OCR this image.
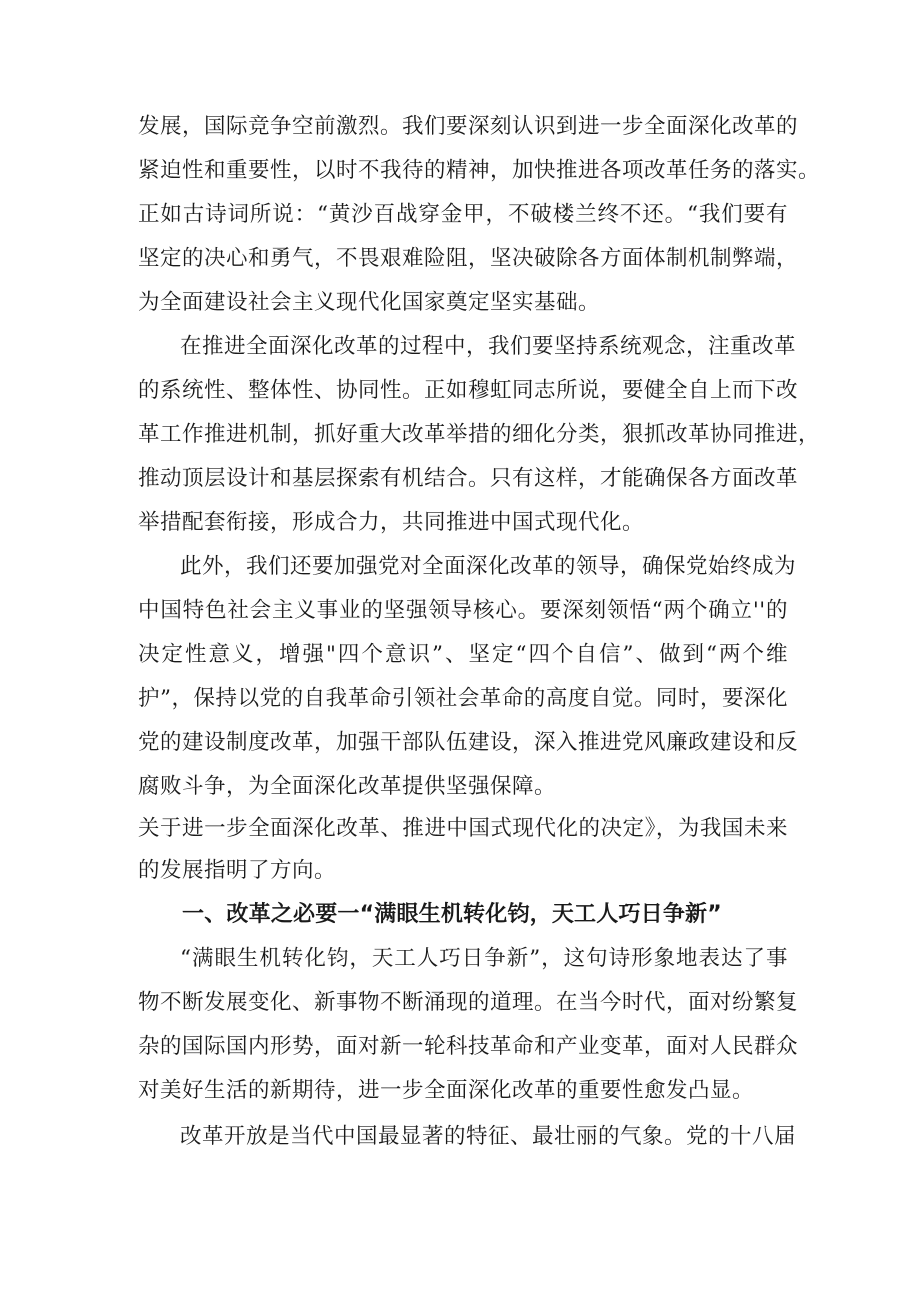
发展，国际竞争空前激烈。我们要深刻认识到进一步全面深化改革的
紧迫性和重要性，以时不我待的精神，加快推进各项改革任务的落实。
正如古诗词所说：“黄沙百战穿金甲，不破楼兰终不还。“我们要有
坚定的决心和勇气，不畏艰难险阻，坚决破除各方面体制机制弊端，
为全面建设社会主义现代化国家奠定坚实基础。
在推进全面深化改革的过程中，我们要坚持系统观念，注重改革
的系统性、整体性、协同性。正如穆虹同志所说，要健全自上而下改
革工作推进机制，抓好重大改革举措的细化分类，狠抓改革协同推进，
推动顶层设计和基层探索有机结合。只有这样，才能确保各方面改革
举措配套衔接，形成合力，共同推进中国式现代化。
此外，我们还要加强党对全面深化改革的领导，确保党始终成为
中国特色社会主义事业的坚强领导核心。要深刻领悟“两个确立''的
决定性意义，增强"四个意识”、坚定“四个自信”、做到“两个维
护”，保持以党的自我革命引领社会革命的高度自觉。同时，要深化
党的建设制度改革，加强干部队伍建设，深入推进党风廉政建设和反
腐败斗争，为全面深化改革提供坚强保障。
关于进一步全面深化改革、推进中国式现代化的决定》，为我国未来
的发展指明了方向。
一、改革之必要一“满眼生机转化钧，天工人巧日争新”
“满眼生机转化钧，天工人巧日争新”，这句诗形象地表达了事
物不断发展变化、新事物不断涌现的道理。在当今时代，面对纷繁复
杂的国际国内形势，面对新一轮科技革命和产业变革，面对人民群众
对美好生活的新期待，进一步全面深化改革的重要性愈发凸显。
改革开放是当代中国最显著的特征、最壮丽的气象。党的十八届
